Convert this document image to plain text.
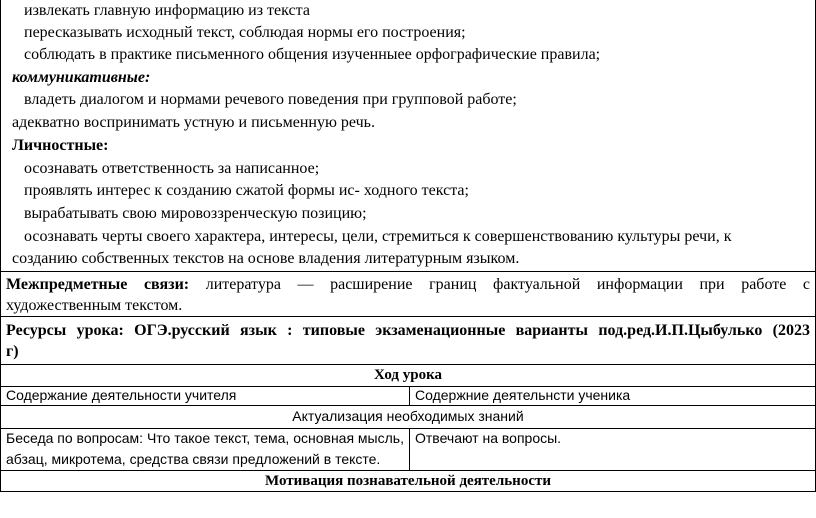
извлекать главную информацию из текста
пересказывать исходный текст, соблюдая нормы его построения;
соблюдать в практике письменного общения изученныее орфографические правила;
коммуникативные:
владеть диалогом и нормами речевого поведения при групповой работе;
адекватно воспринимать устную и письменную речь.
Личностные:
осознавать ответственность за написанное;
проявлять интерес к созданию сжатой формы ис- ходного текста;
вырабатывать свою мировоззренческую позицию;
осознавать черты своего характера, интересы, цели, стремиться к совершенствованию культуры речи, к
созданию собственных текстов на основе владения литературным языком.
Межпредметные связи: литература — расширение границ фактуальной информации при работе с
художественным текстом.
Ресурсы урока: ОГЭ.русский язык : типовые экзаменационные варианты под.ред.И.П.Цыбулько (2023
г)
Ход урока
Содержание деятельности учителя	Содержние деятельнсти ученика
Актуализация необходимых знаний
Беседа по вопросам: Что такое текст, тема, основная мысль,
абзац, микротема, средства связи предложений в тексте.
Отвечают на вопросы.
Мотивация познавательной деятельности
